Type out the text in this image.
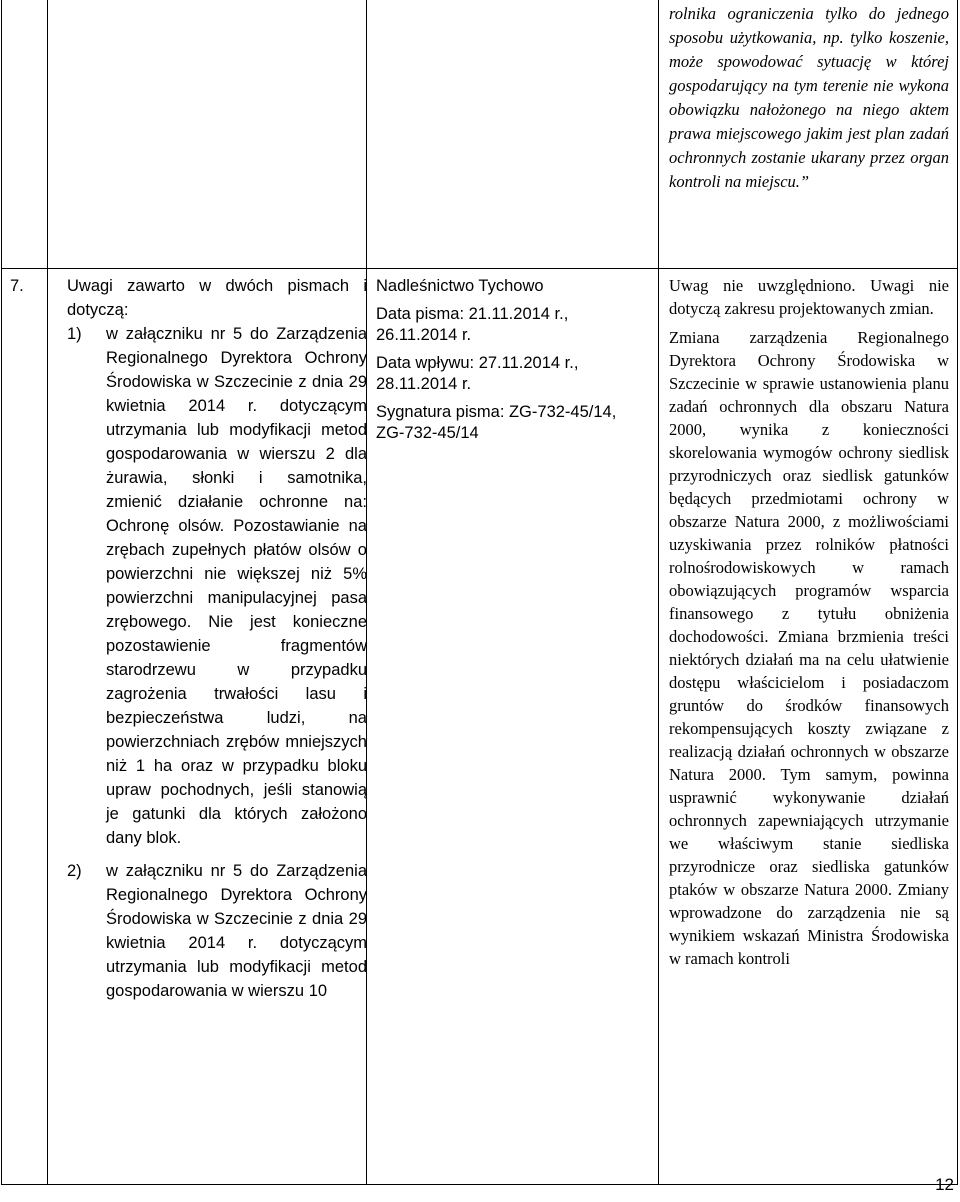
rolnika ograniczenia tylko do jednego sposobu użytkowania, np. tylko koszenie, może spowodować sytuację w której gospodarujący na tym terenie nie wykona obowiązku nałożonego na niego aktem prawa miejscowego jakim jest plan zadań ochronnych zostanie ukarany przez organ kontroli na miejscu.”

7.	Uwagi zawarto w dwóch pismach i dotyczą:

1) w załączniku nr 5 do Zarządzenia Regionalnego Dyrektora Ochrony Środowiska w Szczecinie z dnia 29 kwietnia 2014 r. dotyczącym utrzymania lub modyfikacji metod gospodarowania w wierszu 2 dla żurawia, słonki i samotnika, zmienić działanie ochronne na: Ochronę olsów. Pozostawianie na zrębach zupełnych płatów olsów o powierzchni nie większej niż 5% powierzchni manipulacyjnej pasa zrębowego. Nie jest konieczne pozostawienie fragmentów starodrzewu w przypadku zagrożenia trwałości lasu i bezpieczeństwa ludzi, na powierzchniach zrębów mniejszych niż 1 ha oraz w przypadku bloku upraw pochodnych, jeśli stanowią je gatunki dla których założono dany blok.

2) w załączniku nr 5 do Zarządzenia Regionalnego Dyrektora Ochrony Środowiska w Szczecinie z dnia 29 kwietnia 2014 r. dotyczącym utrzymania lub modyfikacji metod gospodarowania w wierszu 10

Nadleśnictwo Tychowo

Data pisma: 21.11.2014 r., 26.11.2014 r.

Data wpływu: 27.11.2014 r., 28.11.2014 r.

Sygnatura pisma: ZG-732-45/14, ZG-732-45/14

Uwag nie uwzględniono. Uwagi nie dotyczą zakresu projektowanych zmian.

Zmiana zarządzenia Regionalnego Dyrektora Ochrony Środowiska w Szczecinie w sprawie ustanowienia planu zadań ochronnych dla obszaru Natura 2000, wynika z konieczności skorelowania wymogów ochrony siedlisk przyrodniczych oraz siedlisk gatunków będących przedmiotami ochrony w obszarze Natura 2000, z możliwościami uzyskiwania przez rolników płatności rolnośrodowiskowych w ramach obowiązujących programów wsparcia finansowego z tytułu obniżenia dochodowości. Zmiana brzmienia treści niektórych działań ma na celu ułatwienie dostępu właścicielom i posiadaczom gruntów do środków finansowych rekompensujących koszty związane z realizacją działań ochronnych w obszarze Natura 2000. Tym samym, powinna usprawnić wykonywanie działań ochronnych zapewniających utrzymanie we właściwym stanie siedliska przyrodnicze oraz siedliska gatunków ptaków w obszarze Natura 2000. Zmiany wprowadzone do zarządzenia nie są wynikiem wskazań Ministra Środowiska w ramach kontroli

12
